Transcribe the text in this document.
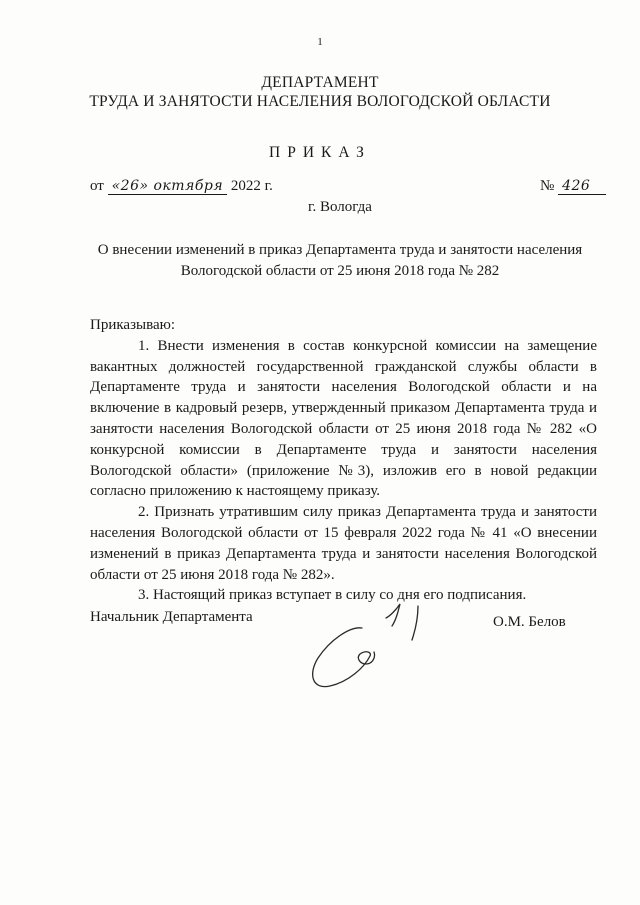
1
ДЕПАРТАМЕНТ
ТРУДА И ЗАНЯТОСТИ НАСЕЛЕНИЯ ВОЛОГОДСКОЙ ОБЛАСТИ
ПРИКАЗ
от «26» октября 2022 г.	№ 426
г. Вологда
О внесении изменений в приказ Департамента труда и занятости населения
Вологодской области от 25 июня 2018 года № 282

Приказываю:

1. Внести изменения в состав конкурсной комиссии на замещение вакантных должностей государственной гражданской службы области в Департаменте труда и занятости населения Вологодской области и на включение в кадровый резерв, утвержденный приказом Департамента труда и занятости населения Вологодской области от 25 июня 2018 года № 282 «О конкурсной комиссии в Департаменте труда и занятости населения Вологодской области» (приложение №3), изложив его в новой редакции согласно приложению к настоящему приказу.

2. Признать утратившим силу приказ Департамента труда и занятости населения Вологодской области от 15 февраля 2022 года № 41 «О внесении изменений в приказ Департамента труда и занятости населения Вологодской области от 25 июня 2018 года № 282».

3. Настоящий приказ вступает в силу со дня его подписания.

Начальник Департамента	О.М. Белов
